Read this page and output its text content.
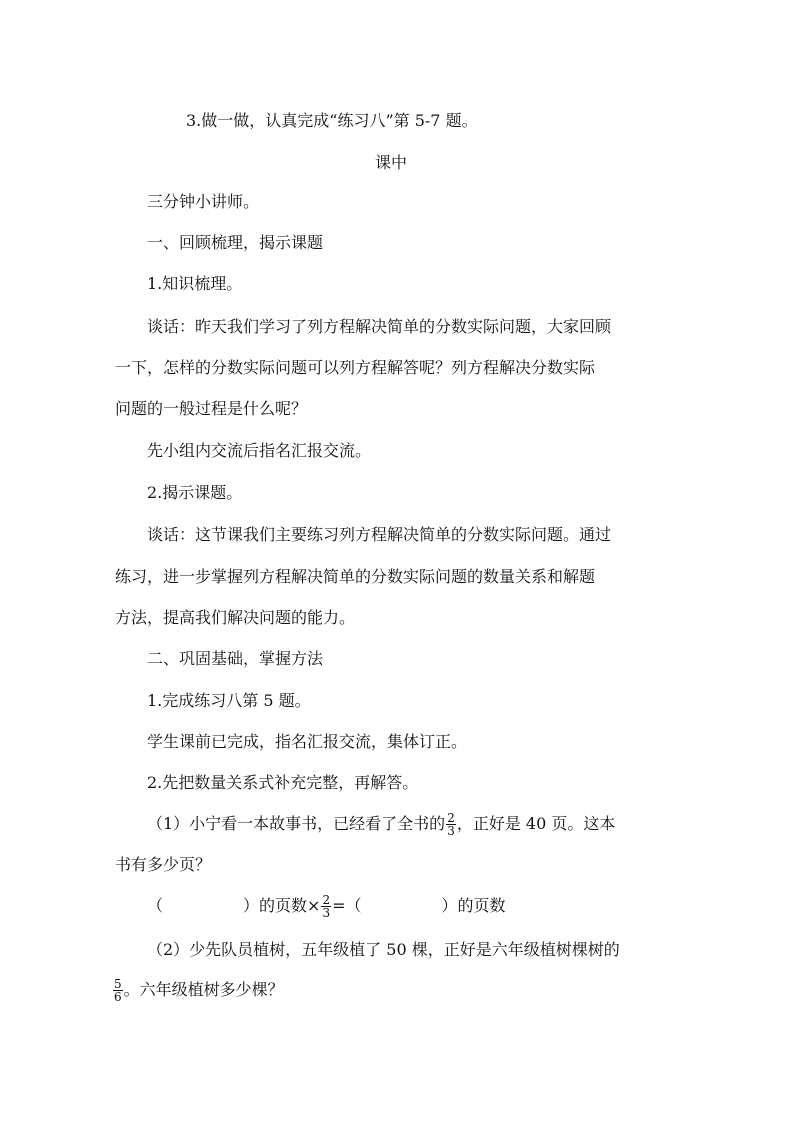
3.做一做，认真完成“练习八”第 5-7 题。
课中
三分钟小讲师。
一、回顾梳理，揭示课题
1.知识梳理。
谈话：昨天我们学习了列方程解决简单的分数实际问题，大家回顾
一下，怎样的分数实际问题可以列方程解答呢？列方程解决分数实际
问题的一般过程是什么呢？
先小组内交流后指名汇报交流。
2.揭示课题。
谈话：这节课我们主要练习列方程解决简单的分数实际问题。通过
练习，进一步掌握列方程解决简单的分数实际问题的数量关系和解题
方法，提高我们解决问题的能力。
二、巩固基础，掌握方法
1.完成练习八第 5 题。
学生课前已完成，指名汇报交流，集体订正。
2.先把数量关系式补充完整，再解答。
（1）小宁看一本故事书，已经看了全书的 $\frac{2}{3}$ ，正好是 40 页。这本
书有多少页？
（	）的页数× $\frac{2}{3}$ =（	）的页数
（2）少先队员植树，五年级植了 50 棵，正好是六年级植树棵树的
$\frac{5}{6}$ 。六年级植树多少棵？
